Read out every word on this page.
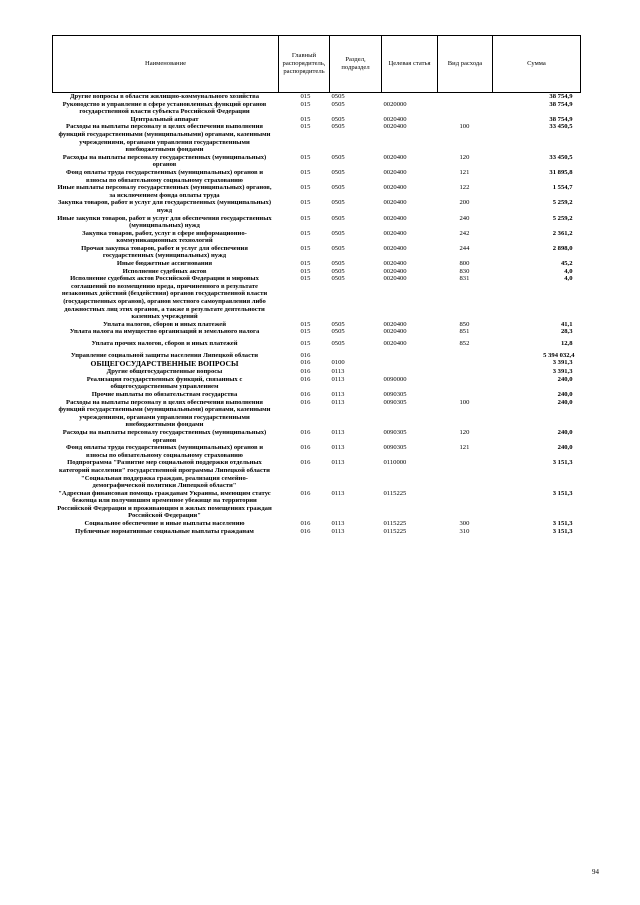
Наименование	Главный распорядитель, распорядитель	Раздел, подраздел	Целевая статья	Вид расхода	Сумма
Другие вопросы в области жилищно-коммунального хозяйства	015	0505			38 754,9
Руководство и управление в сфере установленных функций органов государственной власти субъекта Российской Федерации	015	0505	0020000		38 754,9
Центральный аппарат	015	0505	0020400		38 754,9
Расходы на выплаты персоналу в целях обеспечения выполнения функций государственными (муниципальными) органами, казенными учреждениями, органами управления государственными внебюджетными фондами	015	0505	0020400	100	33 450,5
Расходы на выплаты персоналу государственных (муниципальных) органов	015	0505	0020400	120	33 450,5
Фонд оплаты труда государственных (муниципальных) органов и взносы по обязательному социальному страхованию	015	0505	0020400	121	31 895,8
Иные выплаты персоналу государственных (муниципальных) органов, за исключением фонда оплаты труда	015	0505	0020400	122	1 554,7
Закупка товаров, работ и услуг для государственных (муниципальных) нужд	015	0505	0020400	200	5 259,2
Иные закупки товаров, работ и услуг для обеспечения государственных (муниципальных) нужд	015	0505	0020400	240	5 259,2
Закупка товаров, работ, услуг в сфере информационно-коммуникационных технологий	015	0505	0020400	242	2 361,2
Прочая закупка товаров, работ и услуг для обеспечения государственных (муниципальных) нужд	015	0505	0020400	244	2 898,0
Иные бюджетные ассигнования	015	0505	0020400	800	45,2
Исполнение судебных актов	015	0505	0020400	830	4,0
Исполнение судебных актов Российской Федерации и мировых соглашений по возмещению вреда, причиненного в результате незаконных действий (бездействия) органов государственной власти (государственных органов), органов местного самоуправления либо должностных лиц этих органов, а также в результате деятельности казенных учреждений	015	0505	0020400	831	4,0
Уплата налогов, сборов и иных платежей	015	0505	0020400	850	41,1
Уплата налога на имущество организаций и земельного налога	015	0505	0020400	851	28,3
Уплата прочих налогов, сборов и иных платежей	015	0505	0020400	852	12,8
Управление социальной защиты населения Липецкой области	016				5 394 032,4
ОБЩЕГОСУДАРСТВЕННЫЕ ВОПРОСЫ	016	0100			3 391,3
Другие общегосударственные вопросы	016	0113			3 391,3
Реализация государственных функций, связанных с общегосударственным управлением	016	0113	0090000		240,0
Прочие выплаты по обязательствам государства	016	0113	0090305		240,0
Расходы на выплаты персоналу в целях обеспечения выполнения функций государственными (муниципальными) органами, казенными учреждениями, органами управления государственными внебюджетными фондами	016	0113	0090305	100	240,0
Расходы на выплаты персоналу государственных (муниципальных) органов	016	0113	0090305	120	240,0
Фонд оплаты труда государственных (муниципальных) органов и взносы по обязательному социальному страхованию	016	0113	0090305	121	240,0
Подпрограмма "Развитие мер социальной поддержки отдельных категорий населения" государственной программы Липецкой области "Социальная поддержка граждан, реализация семейно-демографической политики Липецкой области"	016	0113	0110000		3 151,3
"Адресная финансовая помощь гражданам Украины, имеющим статус беженца или получившим временное убежище на территории Российской Федерации и проживающим в жилых помещениях граждан Российской Федерации"	016	0113	0115225		3 151,3
Социальное обеспечение и иные выплаты населению	016	0113	0115225	300	3 151,3
Публичные нормативные социальные выплаты гражданам	016	0113	0115225	310	3 151,3
94
